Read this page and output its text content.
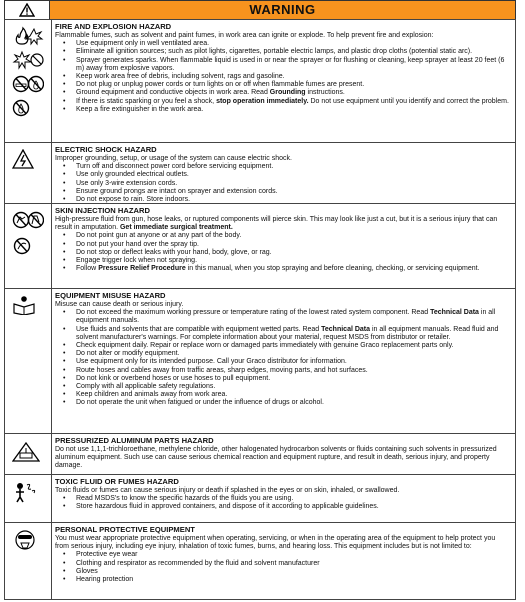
WARNING
FIRE AND EXPLOSION HAZARD
Flammable fumes, such as solvent and paint fumes, in work area can ignite or explode. To help prevent fire and explosion:
• Use equipment only in well ventilated area.
• Eliminate all ignition sources; such as pilot lights, cigarettes, portable electric lamps, and plastic drop cloths (potential static arc).
• Sprayer generates sparks. When flammable liquid is used in or near the sprayer or for flushing or cleaning, keep sprayer at least 20 feet (6 m) away from explosive vapors.
• Keep work area free of debris, including solvent, rags and gasoline.
• Do not plug or unplug power cords or turn lights on or off when flammable fumes are present.
• Ground equipment and conductive objects in work area. Read Grounding instructions.
• If there is static sparking or you feel a shock, stop operation immediately. Do not use equipment until you identify and correct the problem.
• Keep a fire extinguisher in the work area.
ELECTRIC SHOCK HAZARD
Improper grounding, setup, or usage of the system can cause electric shock.
• Turn off and disconnect power cord before servicing equipment.
• Use only grounded electrical outlets.
• Use only 3-wire extension cords.
• Ensure ground prongs are intact on sprayer and extension cords.
• Do not expose to rain. Store indoors.
SKIN INJECTION HAZARD
High-pressure fluid from gun, hose leaks, or ruptured components will pierce skin. This may look like just a cut, but it is a serious injury that can result in amputation. Get immediate surgical treatment.
• Do not point gun at anyone or at any part of the body.
• Do not put your hand over the spray tip.
• Do not stop or deflect leaks with your hand, body, glove, or rag.
• Engage trigger lock when not spraying.
• Follow Pressure Relief Procedure in this manual, when you stop spraying and before cleaning, checking, or servicing equipment.
EQUIPMENT MISUSE HAZARD
Misuse can cause death or serious injury.
• Do not exceed the maximum working pressure or temperature rating of the lowest rated system component. Read Technical Data in all equipment manuals.
• Use fluids and solvents that are compatible with equipment wetted parts. Read Technical Data in all equipment manuals. Read fluid and solvent manufacturer's warnings. For complete information about your material, request MSDS from distributor or retailer.
• Check equipment daily. Repair or replace worn or damaged parts immediately with genuine Graco replacement parts only.
• Do not alter or modify equipment.
• Use equipment only for its intended purpose. Call your Graco distributor for information.
• Route hoses and cables away from traffic areas, sharp edges, moving parts, and hot surfaces.
• Do not kink or overbend hoses or use hoses to pull equipment.
• Comply with all applicable safety regulations.
• Keep children and animals away from work area.
• Do not operate the unit when fatigued or under the influence of drugs or alcohol.
PRESSURIZED ALUMINUM PARTS HAZARD
Do not use 1,1,1-trichloroethane, methylene chloride, other halogenated hydrocarbon solvents or fluids containing such solvents in pressurized aluminum equipment. Such use can cause serious chemical reaction and equipment rupture, and result in death, serious injury, and property damage.
TOXIC FLUID OR FUMES HAZARD
Toxic fluids or fumes can cause serious injury or death if splashed in the eyes or on skin, inhaled, or swallowed.
• Read MSDS's to know the specific hazards of the fluids you are using.
• Store hazardous fluid in approved containers, and dispose of it according to applicable guidelines.
PERSONAL PROTECTIVE EQUIPMENT
You must wear appropriate protective equipment when operating, servicing, or when in the operating area of the equipment to help protect you from serious injury, including eye injury, inhalation of toxic fumes, burns, and hearing loss. This equipment includes but is not limited to:
• Protective eye wear
• Clothing and respirator as recommended by the fluid and solvent manufacturer
• Gloves
• Hearing protection
